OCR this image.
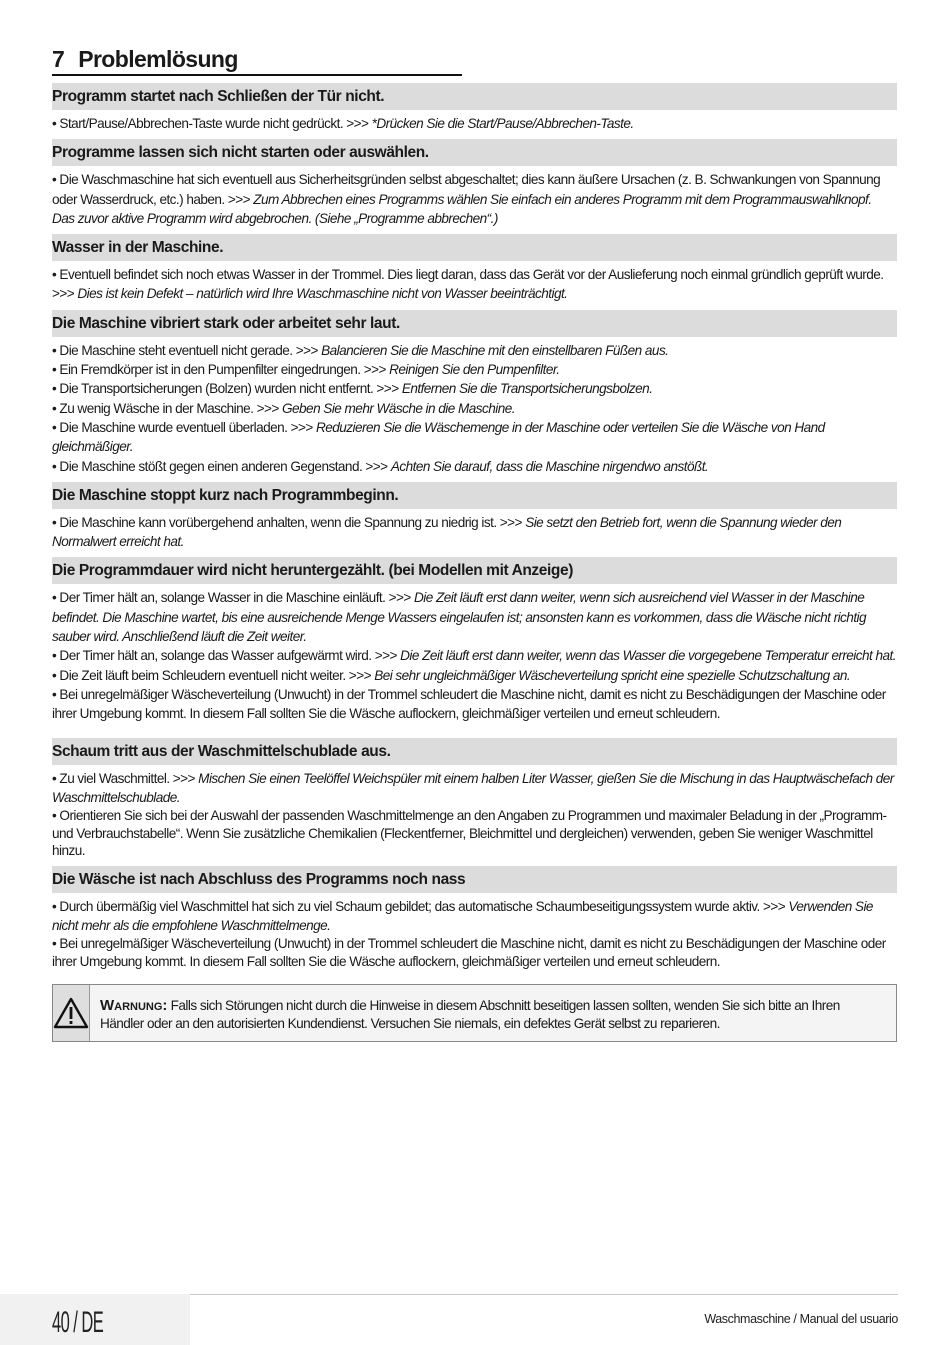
7 Problemlösung
Programm startet nach Schließen der Tür nicht.

• Start/Pause/Abbrechen-Taste wurde nicht gedrückt. >>> *Drücken Sie die Start/Pause/Abbrechen-Taste.

Programme lassen sich nicht starten oder auswählen.

• Die Waschmaschine hat sich eventuell aus Sicherheitsgründen selbst abgeschaltet; dies kann äußere Ursachen (z. B. Schwankungen von Spannung oder Wasserdruck, etc.) haben. >>> Zum Abbrechen eines Programms wählen Sie einfach ein anderes Programm mit dem Programmauswahlknopf. Das zuvor aktive Programm wird abgebrochen. (Siehe „Programme abbrechen“.)

Wasser in der Maschine.

• Eventuell befindet sich noch etwas Wasser in der Trommel. Dies liegt daran, dass das Gerät vor der Auslieferung noch einmal gründlich geprüft wurde. >>> Dies ist kein Defekt – natürlich wird Ihre Waschmaschine nicht von Wasser beeinträchtigt.

Die Maschine vibriert stark oder arbeitet sehr laut.

• Die Maschine steht eventuell nicht gerade. >>> Balancieren Sie die Maschine mit den einstellbaren Füßen aus.

• Ein Fremdkörper ist in den Pumpenfilter eingedrungen. >>> Reinigen Sie den Pumpenfilter.

• Die Transportsicherungen (Bolzen) wurden nicht entfernt. >>> Entfernen Sie die Transportsicherungsbolzen.

• Zu wenig Wäsche in der Maschine. >>> Geben Sie mehr Wäsche in die Maschine.

• Die Maschine wurde eventuell überladen. >>> Reduzieren Sie die Wäschemenge in der Maschine oder verteilen Sie die Wäsche von Hand gleichmäßiger.

• Die Maschine stößt gegen einen anderen Gegenstand. >>> Achten Sie darauf, dass die Maschine nirgendwo anstößt.

Die Maschine stoppt kurz nach Programmbeginn.

• Die Maschine kann vorübergehend anhalten, wenn die Spannung zu niedrig ist. >>> Sie setzt den Betrieb fort, wenn die Spannung wieder den Normalwert erreicht hat.

Die Programmdauer wird nicht heruntergezählt. (bei Modellen mit Anzeige)

• Der Timer hält an, solange Wasser in die Maschine einläuft. >>> Die Zeit läuft erst dann weiter, wenn sich ausreichend viel Wasser in der Maschine befindet. Die Maschine wartet, bis eine ausreichende Menge Wassers eingelaufen ist; ansonsten kann es vorkommen, dass die Wäsche nicht richtig sauber wird. Anschließend läuft die Zeit weiter.

• Der Timer hält an, solange das Wasser aufgewärmt wird. >>> Die Zeit läuft erst dann weiter, wenn das Wasser die vorgegebene Temperatur erreicht hat.

• Die Zeit läuft beim Schleudern eventuell nicht weiter. >>> Bei sehr ungleichmäßiger Wäscheverteilung spricht eine spezielle Schutzschaltung an.

• Bei unregelmäßiger Wäscheverteilung (Unwucht) in der Trommel schleudert die Maschine nicht, damit es nicht zu Beschädigungen der Maschine oder ihrer Umgebung kommt. In diesem Fall sollten Sie die Wäsche auflockern, gleichmäßiger verteilen und erneut schleudern.

Schaum tritt aus der Waschmittelschublade aus.

• Zu viel Waschmittel. >>> Mischen Sie einen Teelöffel Weichspüler mit einem halben Liter Wasser, gießen Sie die Mischung in das Hauptwäschefach der Waschmittelschublade.

• Orientieren Sie sich bei der Auswahl der passenden Waschmittelmenge an den Angaben zu Programmen und maximaler Beladung in der „Programm- und Verbrauchstabelle“. Wenn Sie zusätzliche Chemikalien (Fleckentferner, Bleichmittel und dergleichen) verwenden, geben Sie weniger Waschmittel hinzu.

Die Wäsche ist nach Abschluss des Programms noch nass

• Durch übermäßig viel Waschmittel hat sich zu viel Schaum gebildet; das automatische Schaumbeseitigungssystem wurde aktiv. >>> Verwenden Sie nicht mehr als die empfohlene Waschmittelmenge.

• Bei unregelmäßiger Wäscheverteilung (Unwucht) in der Trommel schleudert die Maschine nicht, damit es nicht zu Beschädigungen der Maschine oder ihrer Umgebung kommt. In diesem Fall sollten Sie die Wäsche auflockern, gleichmäßiger verteilen und erneut schleudern.

Warnung: Falls sich Störungen nicht durch die Hinweise in diesem Abschnitt beseitigen lassen sollten, wenden Sie sich bitte an Ihren Händler oder an den autorisierten Kundendienst. Versuchen Sie niemals, ein defektes Gerät selbst zu reparieren.
40 / DE	Waschmaschine / Manual del usuario
